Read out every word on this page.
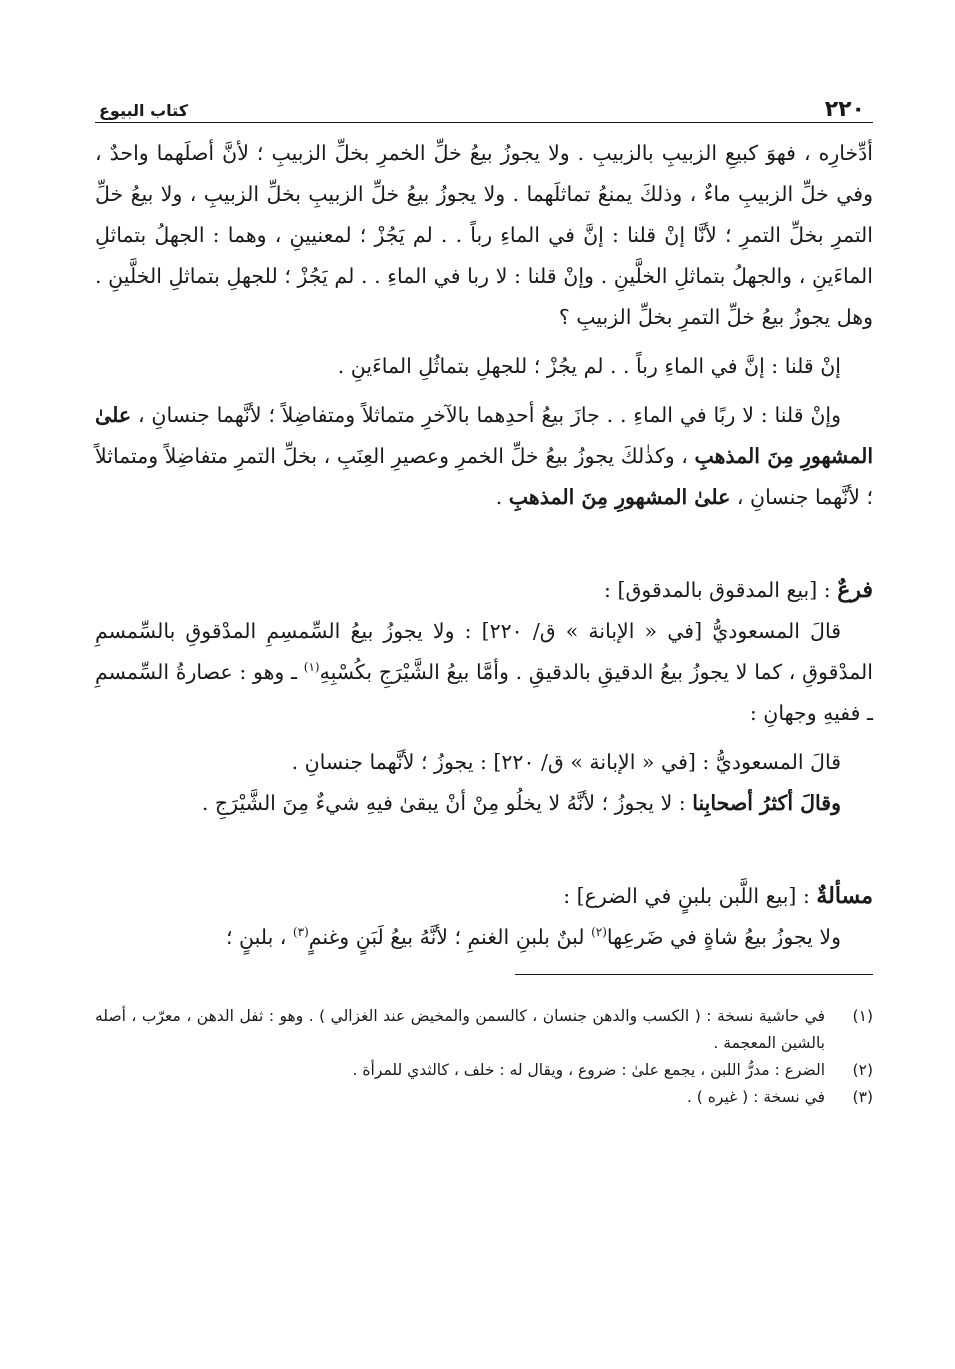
٢٢٠
كتاب البيوع

أدِّخارِه ، فهوَ كبيعِ الزبيبِ بالزبيبِ . ولا يجوزُ بيعُ خلِّ الخمرِ بخلِّ الزبيبِ ؛ لأنَّ أصلَهما واحدٌ ، وفي خلِّ الزبيبِ ماءٌ ، وذلكَ يمنعُ تماثلَهما . ولا يجوزُ بيعُ خلِّ الزبيبِ بخلِّ الزبيبِ ، ولا بيعُ خلِّ التمرِ بخلِّ التمرِ ؛ لأنَّا إنْ قلنا : إنَّ في الماءِ رباً . . لم يَجُزْ ؛ لمعنيينِ ، وهما : الجهلُ بتماثلِ الماءَينِ ، والجهلُ بتماثلِ الخلَّينِ . وإنْ قلنا : لا ربا في الماءِ . . لم يَجُزْ ؛ للجهلِ بتماثلِ الخلَّينِ . وهل يجوزُ بيعُ خلِّ التمرِ بخلِّ الزبيبِ ؟

إنْ قلنا : إنَّ في الماءِ رباً . . لم يجُزْ ؛ للجهلِ بتماثُلِ الماءَينِ .

وإنْ قلنا : لا ربًا في الماءِ . . جازَ بيعُ أحدِهما بالآخرِ متماثلاً ومتفاضِلاً ؛ لأنَّهما جنسانِ ، علىٰ المشهورِ مِنَ المذهبِ ، وكذٰلكَ يجوزُ بيعُ خلِّ الخمرِ وعصيرِ العِنَبِ ، بخلِّ التمرِ متفاضِلاً ومتماثلاً ؛ لأنَّهما جنسانِ ، علىٰ المشهورِ مِنَ المذهبِ .

فرعٌ : [بيع المدقوق بالمدقوق] :

قالَ المسعوديُّ [في « الإبانة » ق/ ٢٢٠] : ولا يجوزُ بيعُ السِّمسِمِ المدْقوقِ بالسِّمسمِ المدْقوقِ ، كما لا يجوزُ بيعُ الدقيقِ بالدقيقِ . وأمَّا بيعُ الشَّيْرَجِ بكُسْبِهِ$^{(١)}$ ـ وهو : عصارةُ السِّمسمِ ـ ففيهِ وجهانِ :

قالَ المسعوديُّ : [في « الإبانة » ق/ ٢٢٠] : يجوزُ ؛ لأنَّهما جنسانِ .

وقالَ أكثرُ أصحابِنا : لا يجوزُ ؛ لأنَّهُ لا يخلُو مِنْ أنْ يبقىٰ فيهِ شيءٌ مِنَ الشَّيْرَجِ .

مسألةٌ : [بيع اللَّبن بلبنٍ في الضرع] :

ولا يجوزُ بيعُ شاةٍ في ضَرعِها$^{(٢)}$ لبنٌ بلبنِ الغنمِ ؛ لأنَّهُ بيعُ لَبَنٍ وغنمٍ$^{(٣)}$ ، بلبنٍ ؛

(١)
في حاشية نسخة : ( الكسب والدهن جنسان ، كالسمن والمخيض عند الغزالي ) . وهو : ثفل الدهن ، معرّب ، أصله بالشين المعجمة .

(٢)
الضرع : مدرُّ اللبن ، يجمع علىٰ : ضروع ، ويقال له : خلف ، كالثدي للمرأة .

(٣)
في نسخة : ( غيره ) .
